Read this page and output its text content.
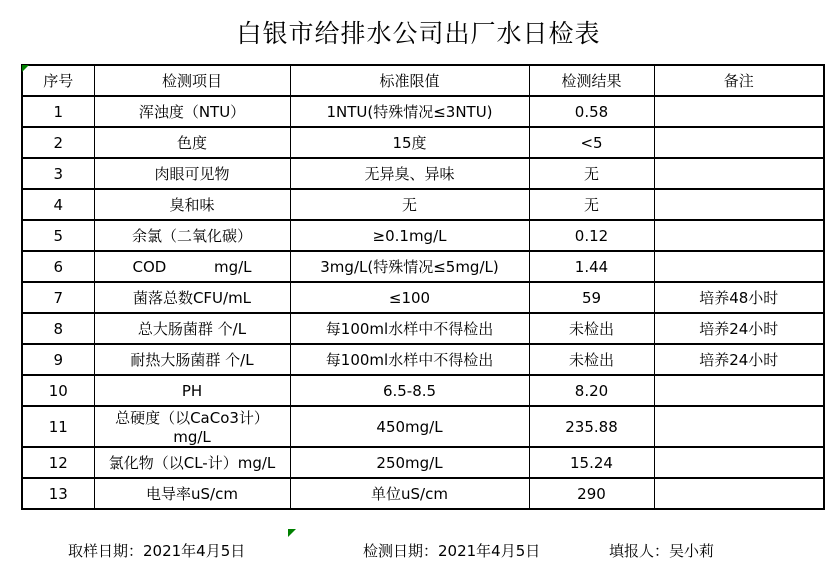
白银市给排水公司出厂水日检表
序号	检测项目	标准限值	检测结果	备注
1	浑浊度（NTU）	1NTU(特殊情况≤3NTU)	0.58	
2	色度	15度	<5	
3	肉眼可见物	无异臭、异味	无	
4	臭和味	无	无	
5	余氯（二氧化碳）	≥0.1mg/L	0.12	
6	COD          mg/L	3mg/L(特殊情况≤5mg/L)	1.44	
7	菌落总数CFU/mL	≤100	59	培养48小时
8	总大肠菌群 个/L	每100ml水样中不得检出	未检出	培养24小时
9	耐热大肠菌群 个/L	每100ml水样中不得检出	未检出	培养24小时
10	PH	6.5-8.5	8.20	
11	总硬度（以CaCo3计）mg/L	450mg/L	235.88	
12	氯化物（以CL-计）mg/L	250mg/L	15.24	
13	电导率uS/cm	单位uS/cm	290	
取样日期：2021年4月5日	检测日期：2021年4月5日	填报人：吴小莉
